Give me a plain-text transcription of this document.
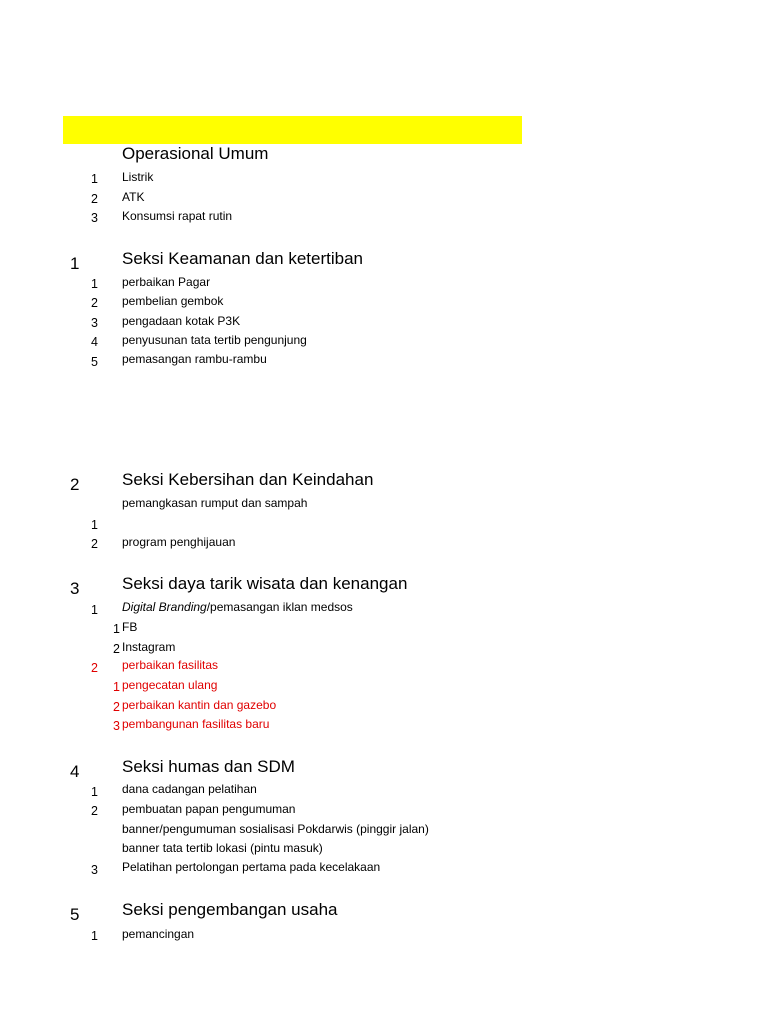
Operasional Umum
1 Listrik
2 ATK
3 Konsumsi rapat rutin
1	Seksi Keamanan dan ketertiban
1 perbaikan Pagar
2 pembelian gembok
3 pengadaan kotak P3K
4 penyusunan tata tertib pengunjung
5 pemasangan rambu-rambu
2	Seksi Kebersihan dan Keindahan
pemangkasan rumput dan sampah
1
2 program penghijauan
3	Seksi daya tarik wisata dan kenangan
1 Digital Branding/pemasangan iklan medsos
1 FB
2 Instagram
2 perbaikan fasilitas
1 pengecatan ulang
2 perbaikan kantin dan gazebo
3 pembangunan fasilitas baru
4	Seksi humas dan SDM
1 dana cadangan pelatihan
2 pembuatan papan pengumuman
banner/pengumuman sosialisasi Pokdarwis (pinggir jalan)
banner tata tertib lokasi (pintu masuk)
3 Pelatihan pertolongan pertama pada kecelakaan
5	Seksi pengembangan usaha
1 pemancingan
